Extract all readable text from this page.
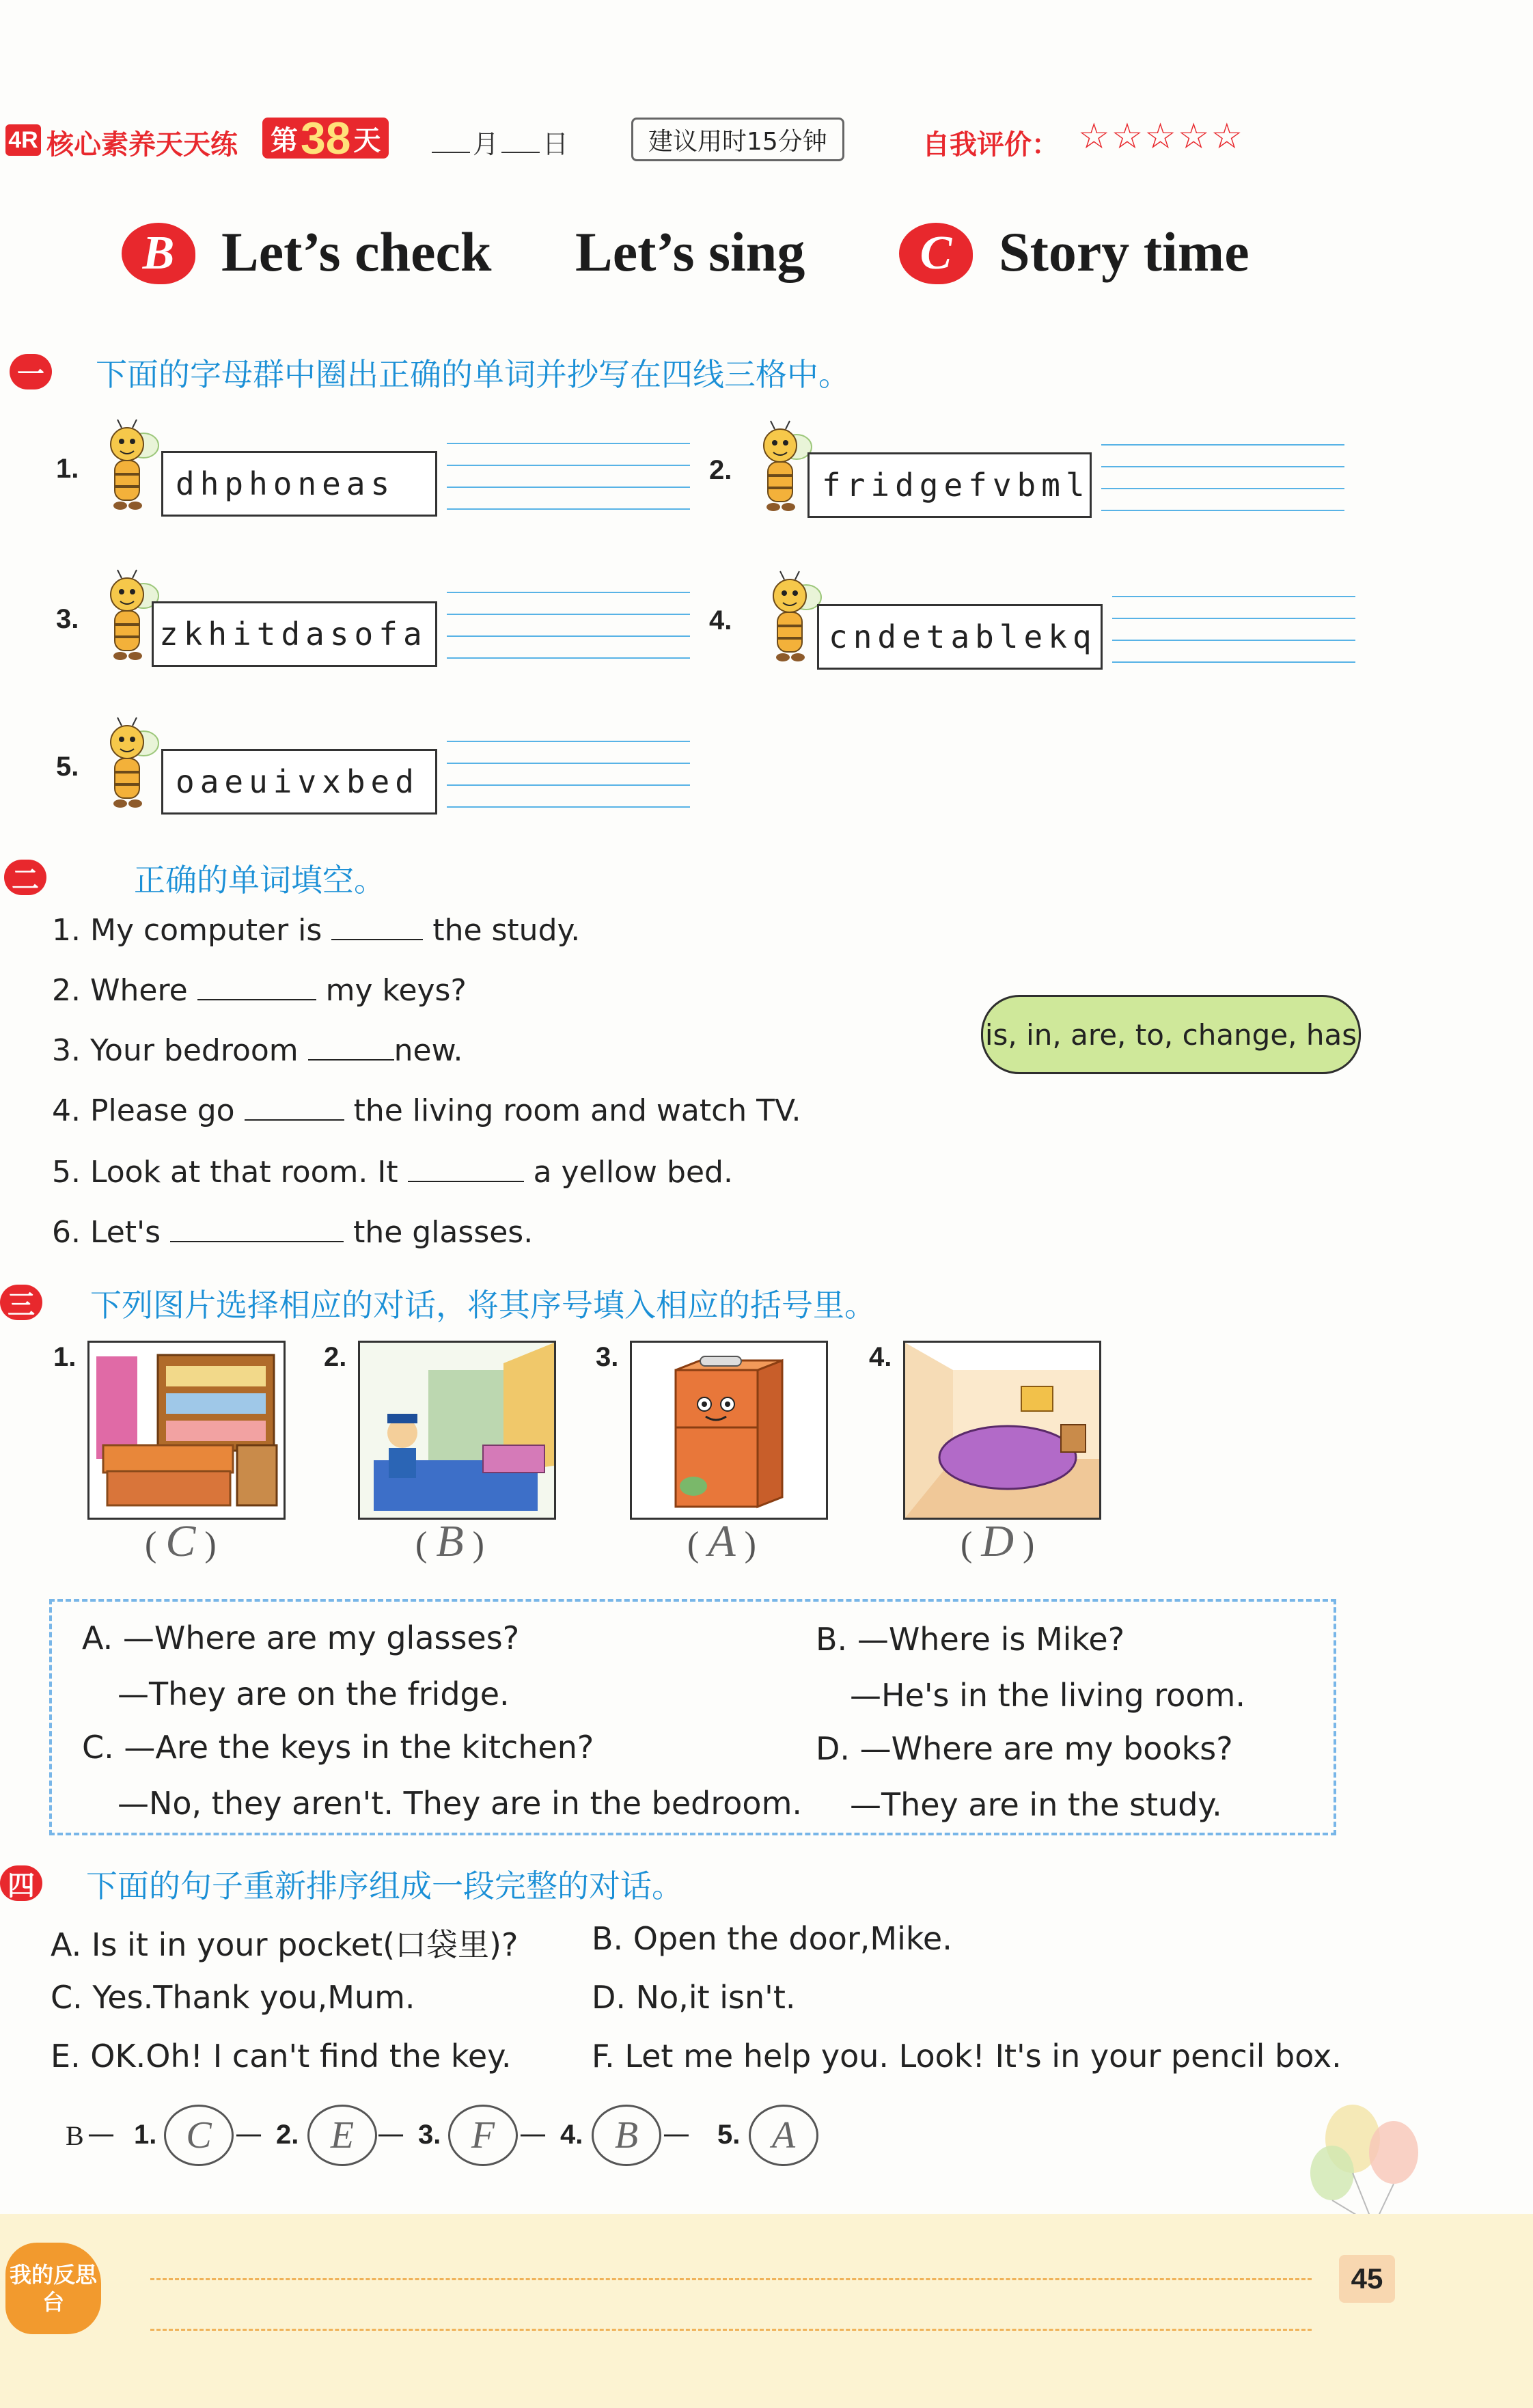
4R 核心素养天天练 第 38 天	月 日	建议用时15分钟	自我评价： ☆☆☆☆☆
B Let’s check Let’s sing	C Story time
一 下面的字母群中圈出正确的单词并抄写在四线三格中。
1.	dhphoneas	2.	fridgefvbml
3.	zkhitdasofa	4.	cndetablekq
5.	oaeuivxbed
二	正确的单词填空。
1. My computer is	the study.
2. Where	my keys?
3. Your bedroom	new.
4. Please go	the living room and watch TV.
5. Look at that room. It	a yellow bed.
6. Let's	the glasses.
is, in, are, to, change, has
三 下列图片选择相应的对话，将其序号填入相应的括号里。
1.
( C )
2.
( B )
3.
( A )
4.
( D )
A. —Where are my glasses?
—They are on the fridge.
B. —Where is Mike?
—He's in the living room.
C. —Are the keys in the kitchen?
—No, they aren't. They are in the bedroom.
D. —Where are my books?
—They are in the study.
四 下面的句子重新排序组成一段完整的对话。
A. Is it in your pocket(口袋里)? B. Open the door,Mike.
C. Yes.Thank you,Mum.	D. No,it isn't.
E. OK.Oh! I can't find the key.	F. Let me help you. Look! It's in your pencil box.
B — 1. C — 2. E — 3. F — 4. B — 5. A
我的反思台
45
